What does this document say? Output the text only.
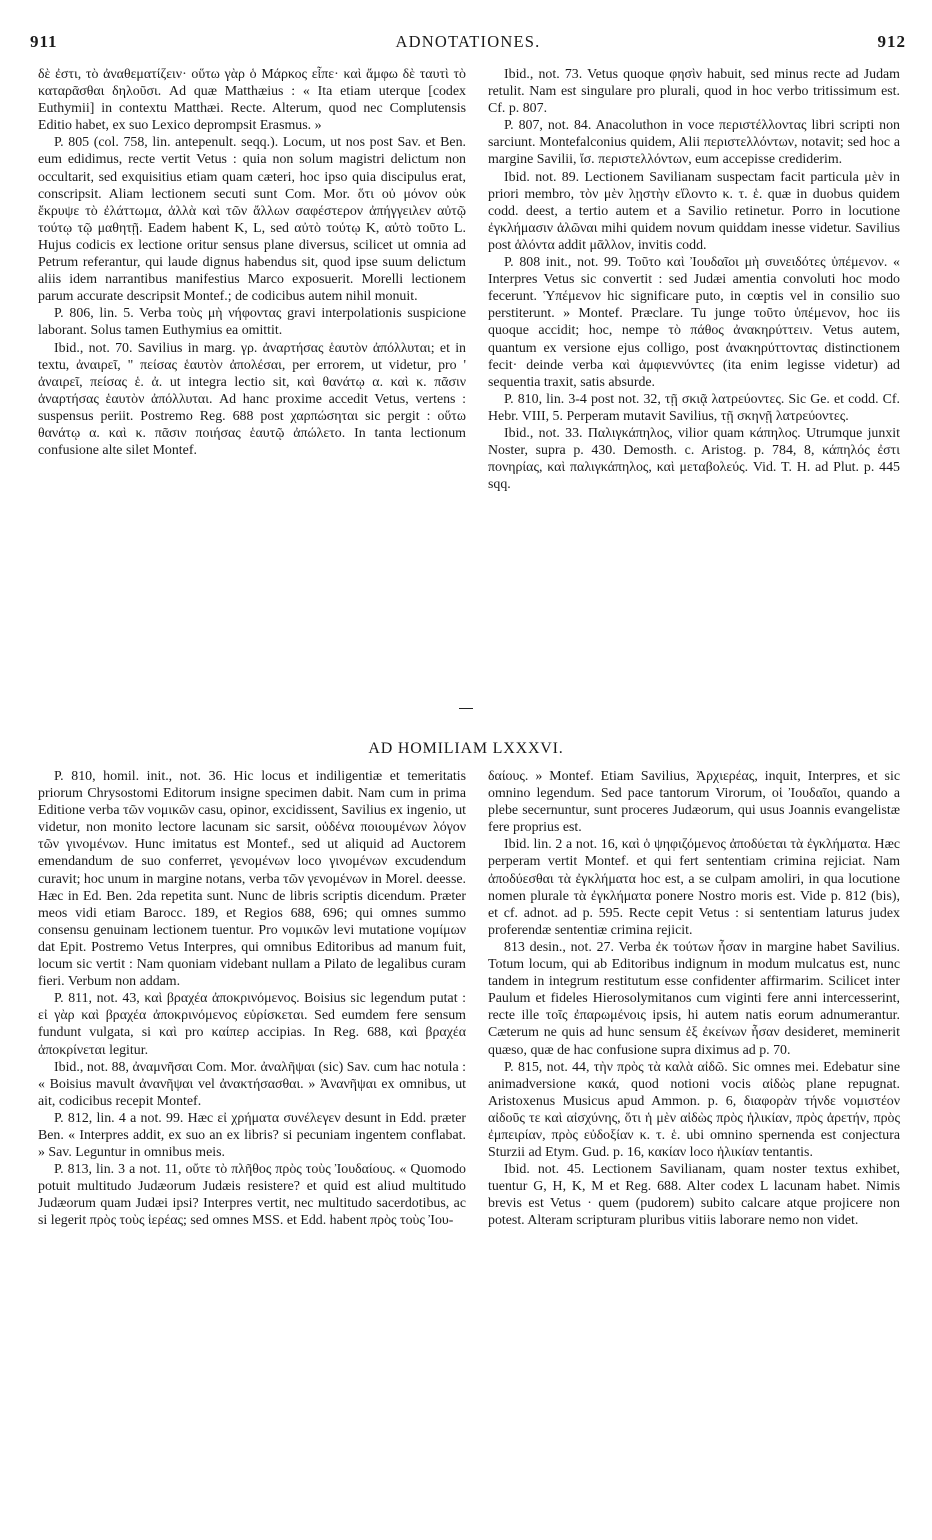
911	ADNOTATIONES.	912

δὲ ἐστι, τὸ ἀναθεματίζειν· οὕτω γὰρ ὁ Μάρκος εἶπε· καὶ ἄμφω δὲ ταυτὶ τὸ καταρᾶσθαι δηλοῦσι. Ad quæ Matthæius : « Ita etiam uterque [codex Euthymii] in contextu Matthæi. Recte. Alterum, quod nec Complutensis Editio habet, ex suo Lexico deprompsit Erasmus. »

P. 805 (col. 758, lin. antepenult. seqq.). Locum, ut nos post Sav. et Ben. eum edidimus, recte vertit Vetus : quia non solum magistri delictum non occultarit, sed exquisitius etiam quam cæteri, hoc ipso quia discipulus erat, conscripsit. Aliam lectionem secuti sunt Com. Mor. ὅτι οὐ μόνον οὐκ ἔκρυψε τὸ ἐλάττωμα, ἀλλὰ καὶ τῶν ἄλλων σαφέστερον ἀπήγγειλεν αὐτῷ τούτῳ τῷ μαθητῇ. Eadem habent K, L, sed αὐτὸ τούτῳ K, αὐτὸ τοῦτο L. Hujus codicis ex lectione oritur sensus plane diversus, scilicet ut omnia ad Petrum referantur, qui laude dignus habendus sit, quod ipse suum delictum aliis idem narrantibus manifestius Marco exposuerit. Morelli lectionem parum accurate descripsit Montef.; de codicibus autem nihil monuit.

P. 806, lin. 5. Verba τοὺς μὴ νήφοντας gravi interpolationis suspicione laborant. Solus tamen Euthymius ea omittit.

Ibid., not. 70. Savilius in marg. γρ. ἀναρτήσας ἑαυτὸν ἀπόλλυται; et in textu, ἀναιρεῖ, " πείσας ἑαυτὸν ἀπολέσαι, per errorem, ut videtur, pro ' ἀναιρεῖ, πείσας ἑ. ἀ. ut integra lectio sit, καὶ θανάτῳ α. καὶ κ. πᾶσιν ἀναρτήσας ἑαυτὸν ἀπόλλυται. Ad hanc proxime accedit Vetus, vertens : suspensus periit. Postremo Reg. 688 post χαρπώσηται sic pergit : οὕτω θανάτῳ α. καὶ κ. πᾶσιν ποιήσας ἑαυτῷ ἀπώλετο. In tanta lectionum confusione alte silet Montef.

Ibid., not. 73. Vetus quoque φησὶν habuit, sed minus recte ad Judam retulit. Nam est singulare pro plurali, quod in hoc verbo tritissimum est. Cf. p. 807.

P. 807, not. 84. Anacoluthon in voce περιστέλλοντας libri scripti non sarciunt. Montefalconius quidem, Alii περιστελλόντων, notavit; sed hoc a margine Savilii, ἴσ. περιστελλόντων, eum accepisse crediderim.

Ibid. not. 89. Lectionem Savilianam suspectam facit particula μὲν in priori membro, τὸν μὲν λῃστὴν εἵλοντο κ. τ. ἑ. quæ in duobus quidem codd. deest, a tertio autem et a Savilio retinetur. Porro in locutione ἐγκλήμασιν ἀλῶναι mihi quidem novum quiddam inesse videtur. Savilius post ἁλόντα addit μᾶλλον, invitis codd.

P. 808 init., not. 99. Τοῦτο καὶ Ἰουδαῖοι μὴ συνειδότες ὑπέμενον. « Interpres Vetus sic convertit : sed Judæi amentia convoluti hoc modo fecerunt. Ὑπέμενον hic significare puto, in cœptis vel in consilio suo perstiterunt. » Montef. Præclare. Tu junge τοῦτο ὑπέμενον, hoc iis quoque accidit; hoc, nempe τὸ πάθος ἀνακηρύττειν. Vetus autem, quantum ex versione ejus colligo, post ἀνακηρύττοντας distinctionem fecit· deinde verba καὶ ἀμφιεννύντες (ita enim legisse videtur) ad sequentia traxit, satis absurde.

P. 810, lin. 3-4 post not. 32, τῇ σκιᾷ λατρεύοντες. Sic Ge. et codd. Cf. Hebr. VIII, 5. Perperam mutavit Savilius, τῇ σκηνῇ λατρεύοντες.

Ibid., not. 33. Παλιγκάπηλος, vilior quam κάπηλος. Utrumque junxit Noster, supra p. 430. Demosth. c. Aristog. p. 784, 8, κάπηλός ἐστι πονηρίας, καὶ παλιγκάπηλος, καὶ μεταβολεύς. Vid. T. H. ad Plut. p. 445 sqq.

AD HOMILIAM LXXXVI.

P. 810, homil. init., not. 36. Hic locus et indiligentiæ et temeritatis priorum Chrysostomi Editorum insigne specimen dabit. Nam cum in prima Editione verba τῶν νομικῶν casu, opinor, excidissent, Savilius ex ingenio, ut videtur, non monito lectore lacunam sic sarsit, οὐδένα ποιουμένων λόγον τῶν γινομένων. Hunc imitatus est Montef., sed ut aliquid ad Auctorem emendandum de suo conferret, γενομένων loco γινομένων excudendum curavit; hoc unum in margine notans, verba τῶν γενομένων in Morel. deesse. Hæc in Ed. Ben. 2da repetita sunt. Nunc de libris scriptis dicendum. Præter meos vidi etiam Barocc. 189, et Regios 688, 696; qui omnes summo consensu genuinam lectionem tuentur. Pro νομικῶν levi mutatione νομίμων dat Epit. Postremo Vetus Interpres, qui omnibus Editoribus ad manum fuit, locum sic vertit : Nam quoniam videbant nullam a Pilato de legalibus curam fieri. Verbum non addam.

P. 811, not. 43, καὶ βραχέα ἀποκρινόμενος. Boisius sic legendum putat : εἰ γὰρ καὶ βραχέα ἀποκρινόμενος εὑρίσκεται. Sed eumdem fere sensum fundunt vulgata, si καὶ pro καίπερ accipias. In Reg. 688, καὶ βραχέα ἀποκρίνεται legitur.

Ibid., not. 88, ἀναμνῆσαι Com. Mor. ἀναλῆψαι (sic) Sav. cum hac notula : « Boisius mavult ἀνανῆψαι vel ἀνακτήσασθαι. » Ἀνανῆψαι ex omnibus, ut ait, codicibus recepit Montef.

P. 812, lin. 4 a not. 99. Hæc εἰ χρήματα συνέλεγεν desunt in Edd. præter Ben. « Interpres addit, ex suo an ex libris? si pecuniam ingentem conflabat. » Sav. Leguntur in omnibus meis.

P. 813, lin. 3 a not. 11, οὔτε τὸ πλῆθος πρὸς τοὺς Ἰουδαίους. « Quomodo potuit multitudo Judæorum Judæis resistere? et quid est aliud multitudo Judæorum quam Judæi ipsi? Interpres vertit, nec multitudo sacerdotibus, ac si legerit πρὸς τοὺς ἱερέας; sed omnes MSS. et Edd. habent πρὸς τοὺς Ἰου-

δαίους. » Montef. Etiam Savilius, Ἀρχιερέας, inquit, Interpres, et sic omnino legendum. Sed pace tantorum Virorum, οἱ Ἰουδαῖοι, quando a plebe secernuntur, sunt proceres Judæorum, qui usus Joannis evangelistæ fere proprius est.

Ibid. lin. 2 a not. 16, καὶ ὁ ψηφιζόμενος ἀποδύεται τὰ ἐγκλήματα. Hæc perperam vertit Montef. et qui fert sententiam crimina rejiciat. Nam ἀποδύεσθαι τὰ ἐγκλήματα hoc est, a se culpam amoliri, in qua locutione nomen plurale τὰ ἐγκλήματα ponere Nostro moris est. Vide p. 812 (bis), et cf. adnot. ad p. 595. Recte cepit Vetus : si sententiam laturus judex proferendæ sententiæ crimina rejicit.

813 desin., not. 27. Verba ἐκ τούτων ἦσαν in margine habet Savilius. Totum locum, qui ab Editoribus indignum in modum mulcatus est, nunc tandem in integrum restitutum esse confidenter affirmarim. Scilicet inter Paulum et fideles Hierosolymitanos cum viginti fere anni intercesserint, recte ille τοῖς ἐπαρωμένοις ipsis, hi autem natis eorum adnumerantur. Cæterum ne quis ad hunc sensum ἐξ ἐκείνων ἦσαν desideret, meminerit quæso, quæ de hac confusione supra diximus ad p. 70.

P. 815, not. 44, τὴν πρὸς τὰ καλὰ αἰδῶ. Sic omnes mei. Edebatur sine animadversione κακά, quod notioni vocis αἰδὼς plane repugnat. Aristoxenus Musicus apud Ammon. p. 6, διαφορὰν τήνδε νομιστέον αἰδοῦς τε καὶ αἰσχύνης, ὅτι ἡ μὲν αἰδὼς πρὸς ἡλικίαν, πρὸς ἀρετήν, πρὸς ἐμπειρίαν, πρὸς εὐδοξίαν κ. τ. ἑ. ubi omnino spernenda est conjectura Sturzii ad Etym. Gud. p. 16, κακίαν loco ἡλικίαν tentantis.

Ibid. not. 45. Lectionem Savilianam, quam noster textus exhibet, tuentur G, H, K, M et Reg. 688. Alter codex L lacunam habet. Nimis brevis est Vetus · quem (pudorem) subito calcare atque projicere non potest. Alteram scripturam pluribus vitiis laborare nemo non videt.
